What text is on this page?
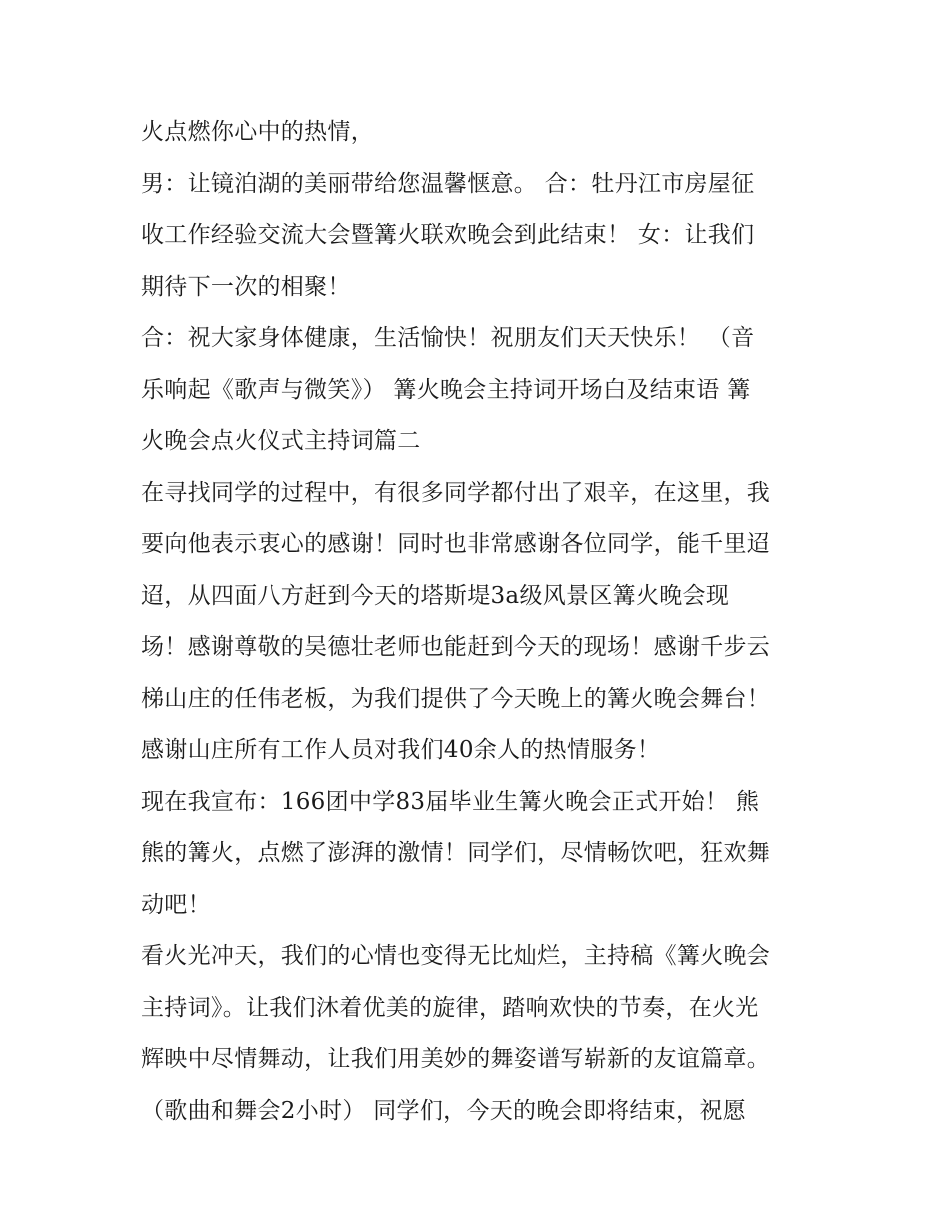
火点燃你心中的热情，
男：让镜泊湖的美丽带给您温馨惬意。 合：牡丹江市房屋征
收工作经验交流大会暨篝火联欢晚会到此结束！ 女：让我们
期待下一次的相聚！
合：祝大家身体健康，生活愉快！祝朋友们天天快乐！ （音
乐响起《歌声与微笑》） 篝火晚会主持词开场白及结束语 篝
火晚会点火仪式主持词篇二
在寻找同学的过程中，有很多同学都付出了艰辛，在这里，我
要向他表示衷心的感谢！同时也非常感谢各位同学，能千里迢
迢，从四面八方赶到今天的塔斯堤3a级风景区篝火晚会现
场！感谢尊敬的吴德壮老师也能赶到今天的现场！感谢千步云
梯山庄的任伟老板，为我们提供了今天晚上的篝火晚会舞台！
感谢山庄所有工作人员对我们40余人的热情服务！
现在我宣布：166团中学83届毕业生篝火晚会正式开始！ 熊
熊的篝火，点燃了澎湃的激情！同学们，尽情畅饮吧，狂欢舞
动吧！
看火光冲天，我们的心情也变得无比灿烂，主持稿《篝火晚会
主持词》。让我们沐着优美的旋律，踏响欢快的节奏，在火光
辉映中尽情舞动，让我们用美妙的舞姿谱写崭新的友谊篇章。
（歌曲和舞会2小时） 同学们，今天的晚会即将结束，祝愿
